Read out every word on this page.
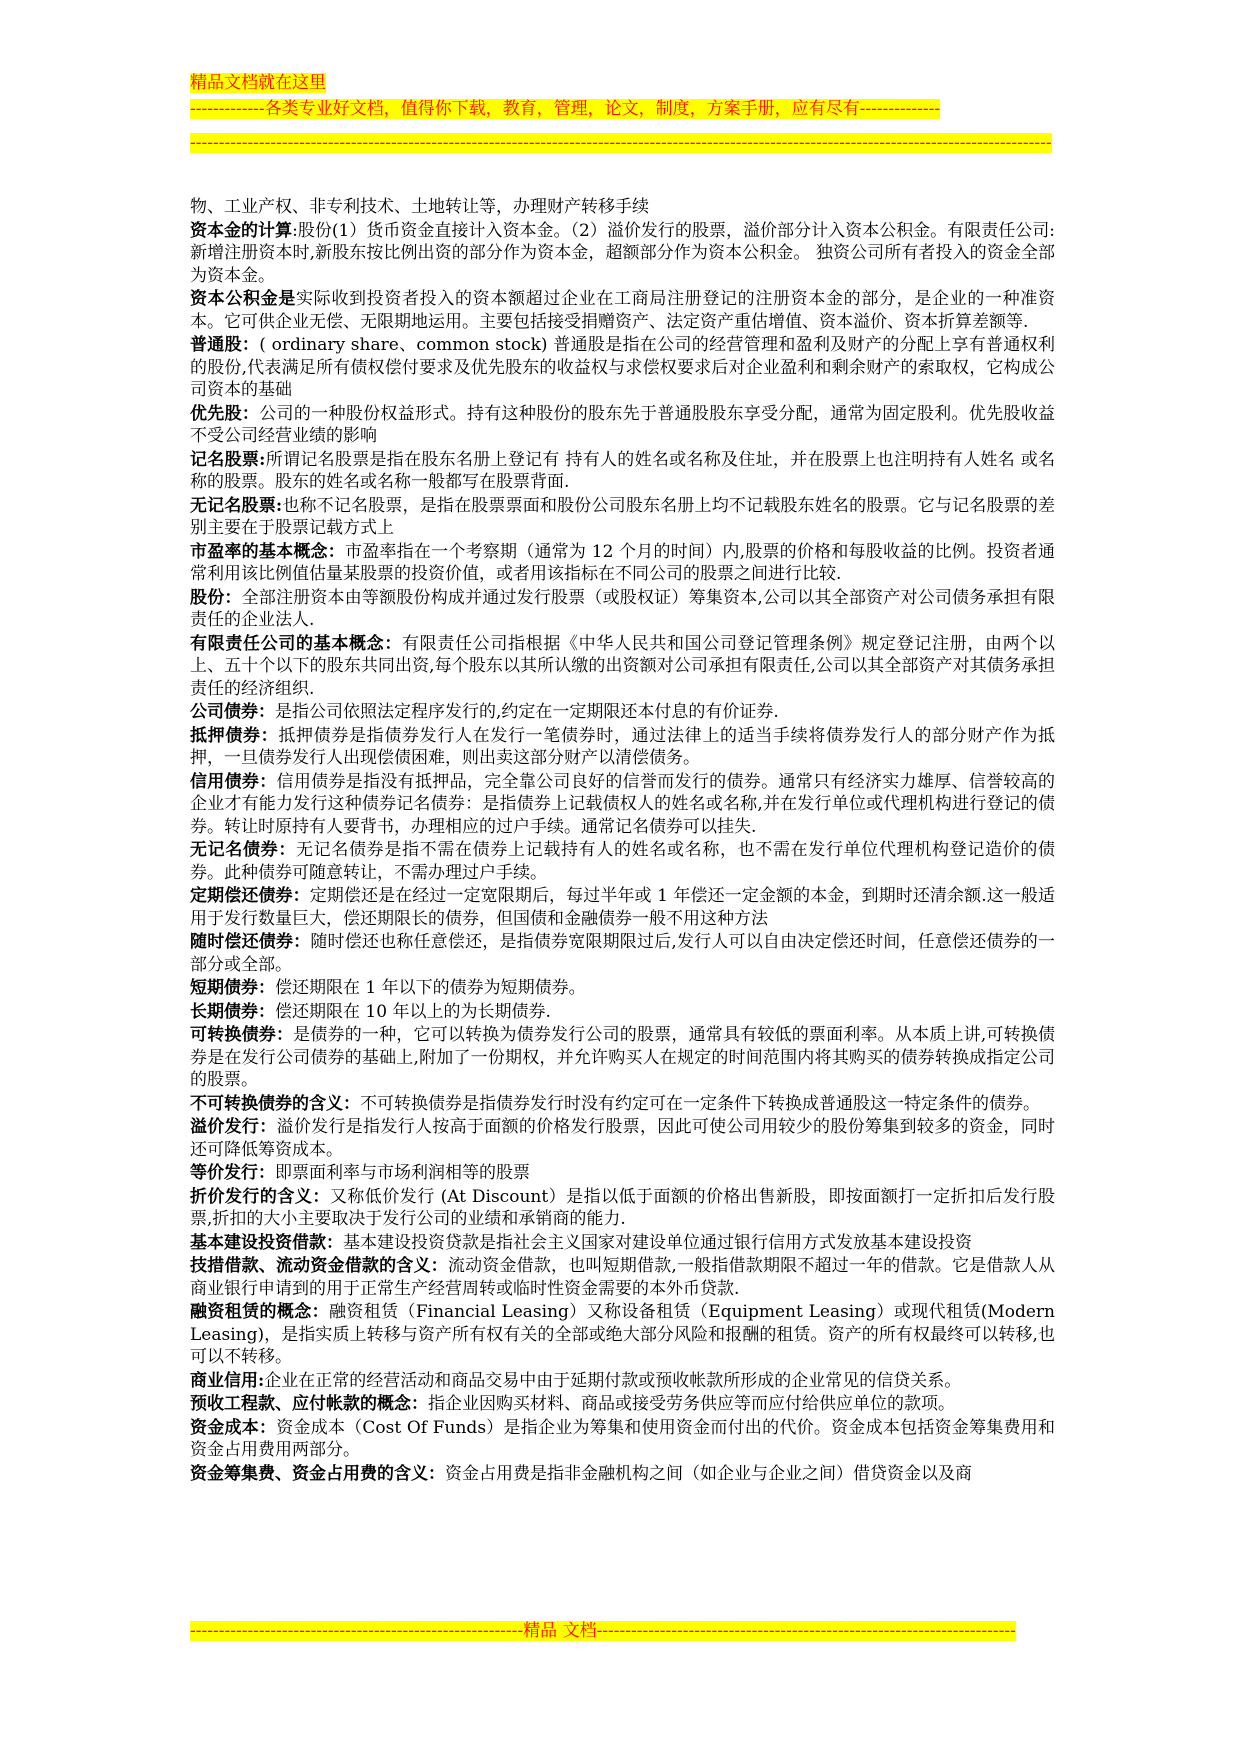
精品文档就在这里
-------------各类专业好文档，值得你下载，教育，管理，论文，制度，方案手册，应有尽有--------------
------------------------------------------------------------------------------------------------------------------------------------------------------
物、工业产权、非专利技术、土地转让等，办理财产转移手续
资本金的计算:股份(1）货币资金直接计入资本金。（2）溢价发行的股票，溢价部分计入资本公积金。有限责任公司:新增注册资本时,新股东按比例出资的部分作为资本金，超额部分作为资本公积金。 独资公司所有者投入的资金全部为资本金。
资本公积金是实际收到投资者投入的资本额超过企业在工商局注册登记的注册资本金的部分，是企业的一种准资本。它可供企业无偿、无限期地运用。主要包括接受捐赠资产、法定资产重估增值、资本溢价、资本折算差额等.
普通股：( ordinary share、common stock) 普通股是指在公司的经营管理和盈利及财产的分配上享有普通权利的股份,代表满足所有债权偿付要求及优先股东的收益权与求偿权要求后对企业盈利和剩余财产的索取权，它构成公司资本的基础
优先股：公司的一种股份权益形式。持有这种股份的股东先于普通股股东享受分配，通常为固定股利。优先股收益不受公司经营业绩的影响
记名股票:所谓记名股票是指在股东名册上登记有 持有人的姓名或名称及住址，并在股票上也注明持有人姓名 或名称的股票。股东的姓名或名称一般都写在股票背面.
无记名股票:也称不记名股票，是指在股票票面和股份公司股东名册上均不记载股东姓名的股票。它与记名股票的差别主要在于股票记载方式上
市盈率的基本概念：市盈率指在一个考察期（通常为 12 个月的时间）内,股票的价格和每股收益的比例。投资者通常利用该比例值估量某股票的投资价值，或者用该指标在不同公司的股票之间进行比较.
股份：全部注册资本由等额股份构成并通过发行股票（或股权证）筹集资本,公司以其全部资产对公司债务承担有限责任的企业法人.
有限责任公司的基本概念：有限责任公司指根据《中华人民共和国公司登记管理条例》规定登记注册，由两个以上、五十个以下的股东共同出资,每个股东以其所认缴的出资额对公司承担有限责任,公司以其全部资产对其债务承担责任的经济组织.
公司债券：是指公司依照法定程序发行的,约定在一定期限还本付息的有价证券.
抵押债券：抵押债券是指债券发行人在发行一笔债券时，通过法律上的适当手续将债券发行人的部分财产作为抵押，一旦债券发行人出现偿债困难，则出卖这部分财产以清偿债务。
信用债券：信用债券是指没有抵押品，完全靠公司良好的信誉而发行的债券。通常只有经济实力雄厚、信誉较高的企业才有能力发行这种债券记名债券：是指债券上记载债权人的姓名或名称,并在发行单位或代理机构进行登记的债券。转让时原持有人要背书，办理相应的过户手续。通常记名债券可以挂失.
无记名债券：无记名债券是指不需在债券上记载持有人的姓名或名称，也不需在发行单位代理机构登记造价的债券。此种债券可随意转让，不需办理过户手续。
定期偿还债券：定期偿还是在经过一定宽限期后，每过半年或 1 年偿还一定金额的本金，到期时还清余额.这一般适用于发行数量巨大，偿还期限长的债券，但国债和金融债券一般不用这种方法
随时偿还债券：随时偿还也称任意偿还，是指债券宽限期限过后,发行人可以自由决定偿还时间，任意偿还债券的一部分或全部。
短期债券：偿还期限在 1 年以下的债券为短期债券。
长期债券：偿还期限在 10 年以上的为长期债券.
可转换债券：是债券的一种，它可以转换为债券发行公司的股票，通常具有较低的票面利率。从本质上讲,可转换债券是在发行公司债券的基础上,附加了一份期权，并允许购买人在规定的时间范围内将其购买的债券转换成指定公司的股票。
不可转换债券的含义：不可转换债券是指债券发行时没有约定可在一定条件下转换成普通股这一特定条件的债券。
溢价发行：溢价发行是指发行人按高于面额的价格发行股票，因此可使公司用较少的股份筹集到较多的资金，同时还可降低筹资成本。
等价发行：即票面利率与市场利润相等的股票
折价发行的含义：又称低价发行 (At Discount）是指以低于面额的价格出售新股，即按面额打一定折扣后发行股票,折扣的大小主要取决于发行公司的业绩和承销商的能力.
基本建设投资借款：基本建设投资贷款是指社会主义国家对建设单位通过银行信用方式发放基本建设投资
技措借款、流动资金借款的含义：流动资金借款，也叫短期借款,一般指借款期限不超过一年的借款。它是借款人从商业银行申请到的用于正常生产经营周转或临时性资金需要的本外币贷款.
融资租赁的概念：融资租赁（Financial Leasing）又称设备租赁（Equipment Leasing）或现代租赁(Modern Leasing)，是指实质上转移与资产所有权有关的全部或绝大部分风险和报酬的租赁。资产的所有权最终可以转移,也可以不转移。
商业信用:企业在正常的经营活动和商品交易中由于延期付款或预收帐款所形成的企业常见的信贷关系。
预收工程款、应付帐款的概念：指企业因购买材料、商品或接受劳务供应等而应付给供应单位的款项。
资金成本：资金成本（Cost Of Funds）是指企业为筹集和使用资金而付出的代价。资金成本包括资金筹集费用和资金占用费用两部分。
资金筹集费、资金占用费的含义：资金占用费是指非金融机构之间（如企业与企业之间）借贷资金以及商
----------------------------------------------------------精品 文档-------------------------------------------------------------------------
